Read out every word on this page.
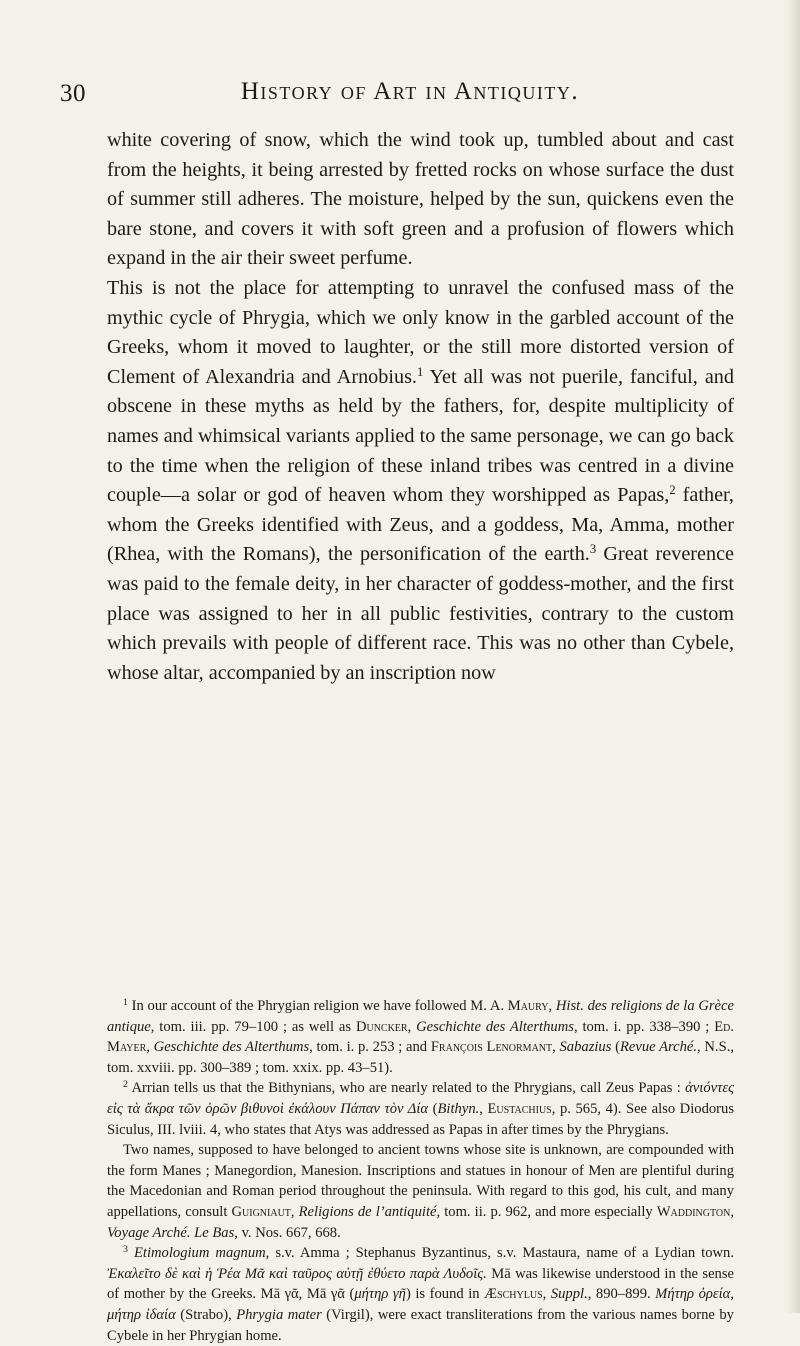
30	History of Art in Antiquity.

white covering of snow, which the wind took up, tumbled about and cast from the heights, it being arrested by fretted rocks on whose surface the dust of summer still adheres. The moisture, helped by the sun, quickens even the bare stone, and covers it with soft green and a profusion of flowers which expand in the air their sweet perfume.

This is not the place for attempting to unravel the confused mass of the mythic cycle of Phrygia, which we only know in the garbled account of the Greeks, whom it moved to laughter, or the still more distorted version of Clement of Alexandria and Arnobius.$^1$ Yet all was not puerile, fanciful, and obscene in these myths as held by the fathers, for, despite multiplicity of names and whimsical variants applied to the same personage, we can go back to the time when the religion of these inland tribes was centred in a divine couple—a solar or god of heaven whom they worshipped as Papas,$^2$ father, whom the Greeks identified with Zeus, and a goddess, Ma, Amma, mother (Rhea, with the Romans), the personification of the earth.$^3$ Great reverence was paid to the female deity, in her character of goddess-mother, and the first place was assigned to her in all public festivities, contrary to the custom which prevails with people of different race. This was no other than Cybele, whose altar, accompanied by an inscription now

$^1$ In our account of the Phrygian religion we have followed M. A. Maury, Hist. des religions de la Grèce antique, tom. iii. pp. 79–100 ; as well as Duncker, Geschichte des Alterthums, tom. i. pp. 338–390 ; Ed. Mayer, Geschichte des Alterthums, tom. i. p. 253 ; and François Lenormant, Sabazius (Revue Arché., N.S., tom. xxviii. pp. 300–389 ; tom. xxix. pp. 43–51).

$^2$ Arrian tells us that the Bithynians, who are nearly related to the Phrygians, call Zeus Papas : ἀνιόντες εἰς τὰ ἄκρα τῶν ὀρῶν βιθυνοὶ ἐκάλουν Πάπαν τὸν Δία (Bithyn., Eustachius, p. 565, 4). See also Diodorus Siculus, III. lviii. 4, who states that Atys was addressed as Papas in after times by the Phrygians.

Two names, supposed to have belonged to ancient towns whose site is unknown, are compounded with the form Manes ; Manegordion, Manesion. Inscriptions and statues in honour of Men are plentiful during the Macedonian and Roman period throughout the peninsula. With regard to this god, his cult, and many appellations, consult Guigniaut, Religions de l’antiquité, tom. ii. p. 962, and more especially Waddington, Voyage Arché. Le Bas, v. Nos. 667, 668.

$^3$ Etimologium magnum, s.v. Amma ; Stephanus Byzantinus, s.v. Mastaura, name of a Lydian town. Ἐκαλεῖτο δὲ καὶ ἡ Ῥέα Μᾶ καὶ ταῦρος αὐτῇ ἐθύετο παρὰ Λυδοῖς. Mā was likewise understood in the sense of mother by the Greeks. Mā γᾶ, Mā γᾶ (μήτηρ γῆ) is found in Æschylus, Suppl., 890–899. Μήτηρ ὀρεία, μήτηρ ἰδαία (Strabo), Phrygia mater (Virgil), were exact transliterations from the various names borne by Cybele in her Phrygian home.
